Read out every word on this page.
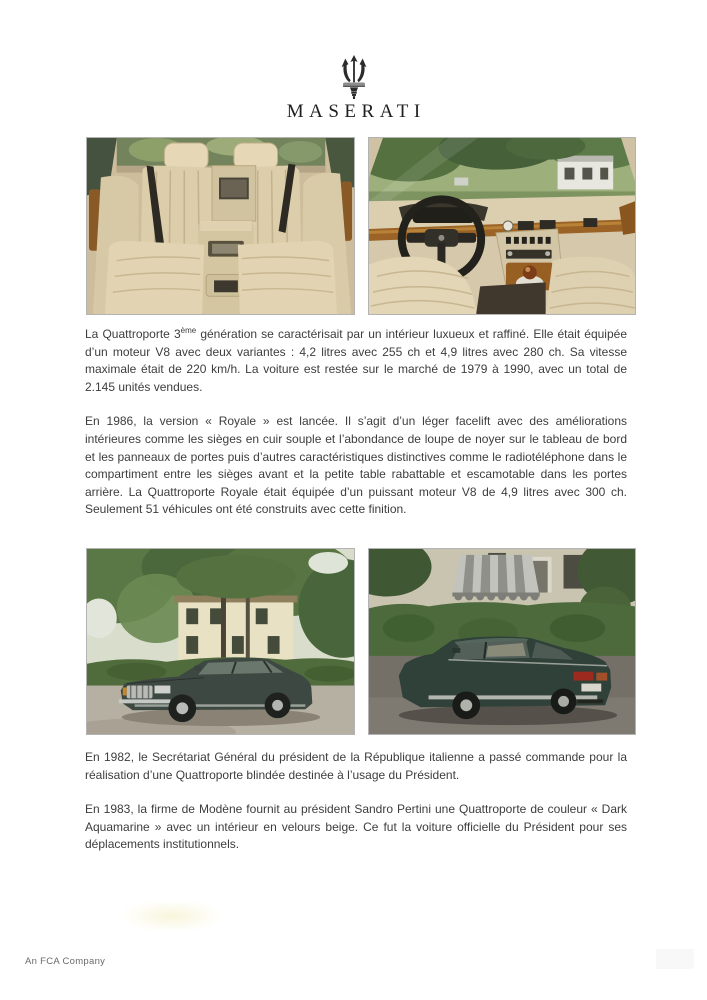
MASERATI

La Quattroporte 3ème génération se caractérisait par un intérieur luxueux et raffiné. Elle était équipée d’un moteur V8 avec deux variantes : 4,2 litres avec 255 ch et 4,9 litres avec 280 ch. Sa vitesse maximale était de 220 km/h. La voiture est restée sur le marché de 1979 à 1990, avec un total de 2.145 unités vendues.

En 1986, la version « Royale » est lancée. Il s’agit d’un léger facelift avec des améliorations intérieures comme les sièges en cuir souple et l’abondance de loupe de noyer sur le tableau de bord et les panneaux de portes puis d’autres caractéristiques distinctives comme le radiotéléphone dans le compartiment entre les sièges avant et la petite table rabattable et escamotable dans les portes arrière. La Quattroporte Royale était équipée d’un puissant moteur V8 de 4,9 litres avec 300 ch. Seulement 51 véhicules ont été construits avec cette finition.

En 1982, le Secrétariat Général du président de la République italienne a passé commande pour la réalisation d’une Quattroporte blindée destinée à l’usage du Président.

En 1983, la firme de Modène fournit au président Sandro Pertini une Quattroporte de couleur « Dark Aquamarine » avec un intérieur en velours beige. Ce fut la voiture officielle du Président pour ses déplacements institutionnels.

An FCA Company
